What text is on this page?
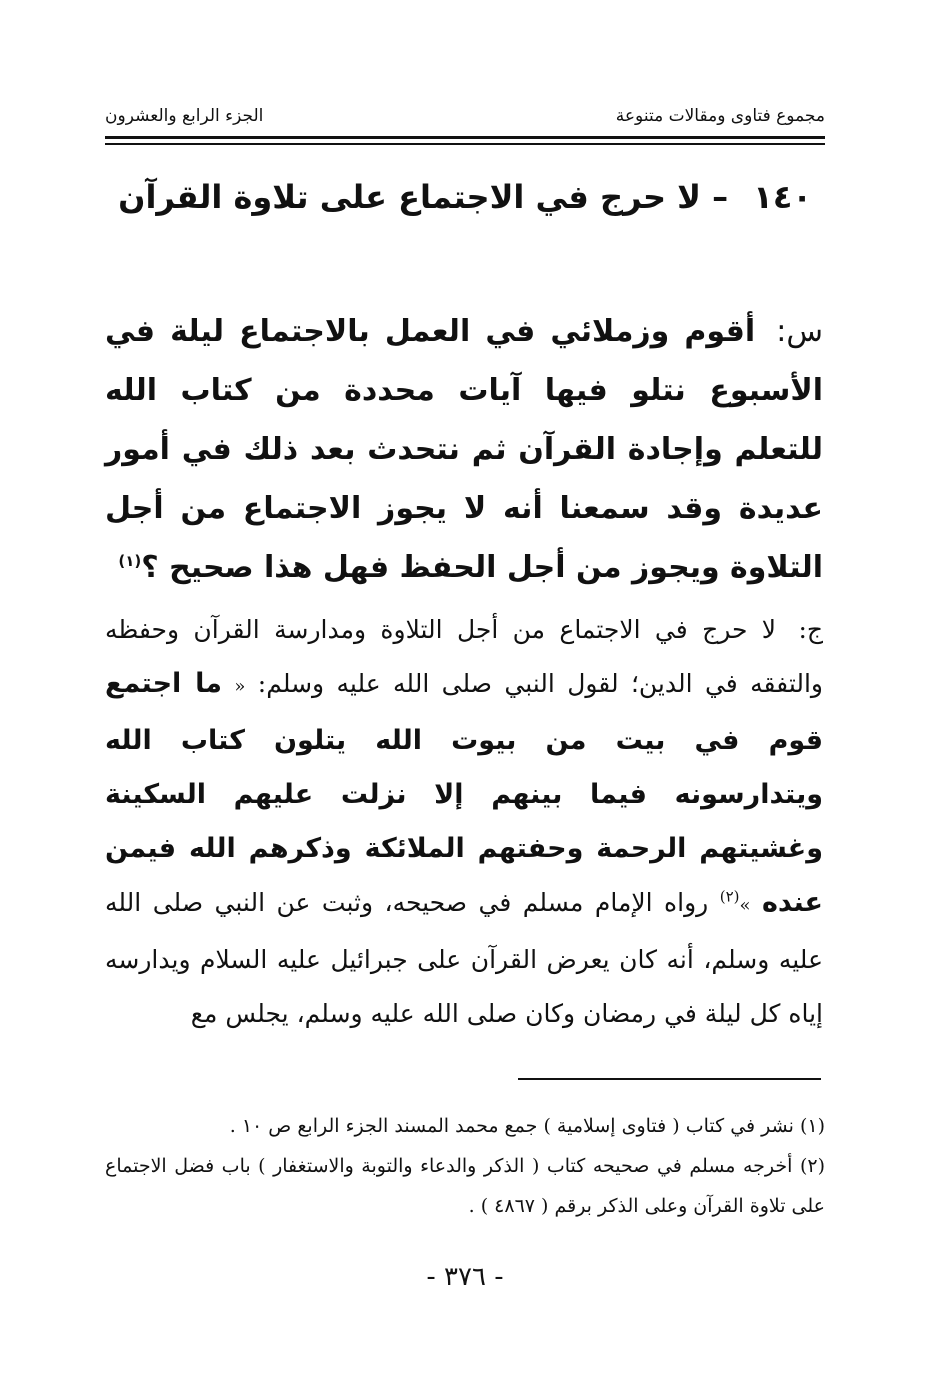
مجموع فتاوى ومقالات متنوعة
الجزء الرابع والعشرون
١٤٠ – لا حرج في الاجتماع على تلاوة القرآن
س: أقوم وزملائي في العمل بالاجتماع ليلة في الأسبوع نتلو فيها آيات محددة من كتاب الله للتعلم وإجادة القرآن ثم نتحدث بعد ذلك في أمور عديدة وقد سمعنا أنه لا يجوز الاجتماع من أجل التلاوة ويجوز من أجل الحفظ فهل هذا صحيح ؟$^{(١)}$
ج: لا حرج في الاجتماع من أجل التلاوة ومدارسة القرآن وحفظه والتفقه في الدين؛ لقول النبي صلى الله عليه وسلم: « ما اجتمع قوم في بيت من بيوت الله يتلون كتاب الله ويتدارسونه فيما بينهم إلا نزلت عليهم السكينة وغشيتهم الرحمة وحفتهم الملائكة وذكرهم الله فيمن عنده »$^{(٢)}$ رواه الإمام مسلم في صحيحه، وثبت عن النبي صلى الله عليه وسلم، أنه كان يعرض القرآن على جبرائيل عليه السلام ويدارسه إياه كل ليلة في رمضان وكان صلى الله عليه وسلم، يجلس مع
(١) نشر في كتاب ( فتاوى إسلامية ) جمع محمد المسند الجزء الرابع ص ١٠ .
(٢) أخرجه مسلم في صحيحه كتاب ( الذكر والدعاء والتوبة والاستغفار ) باب فضل الاجتماع على تلاوة القرآن وعلى الذكر برقم ( ٤٨٦٧ ) .
- ٣٧٦ -
